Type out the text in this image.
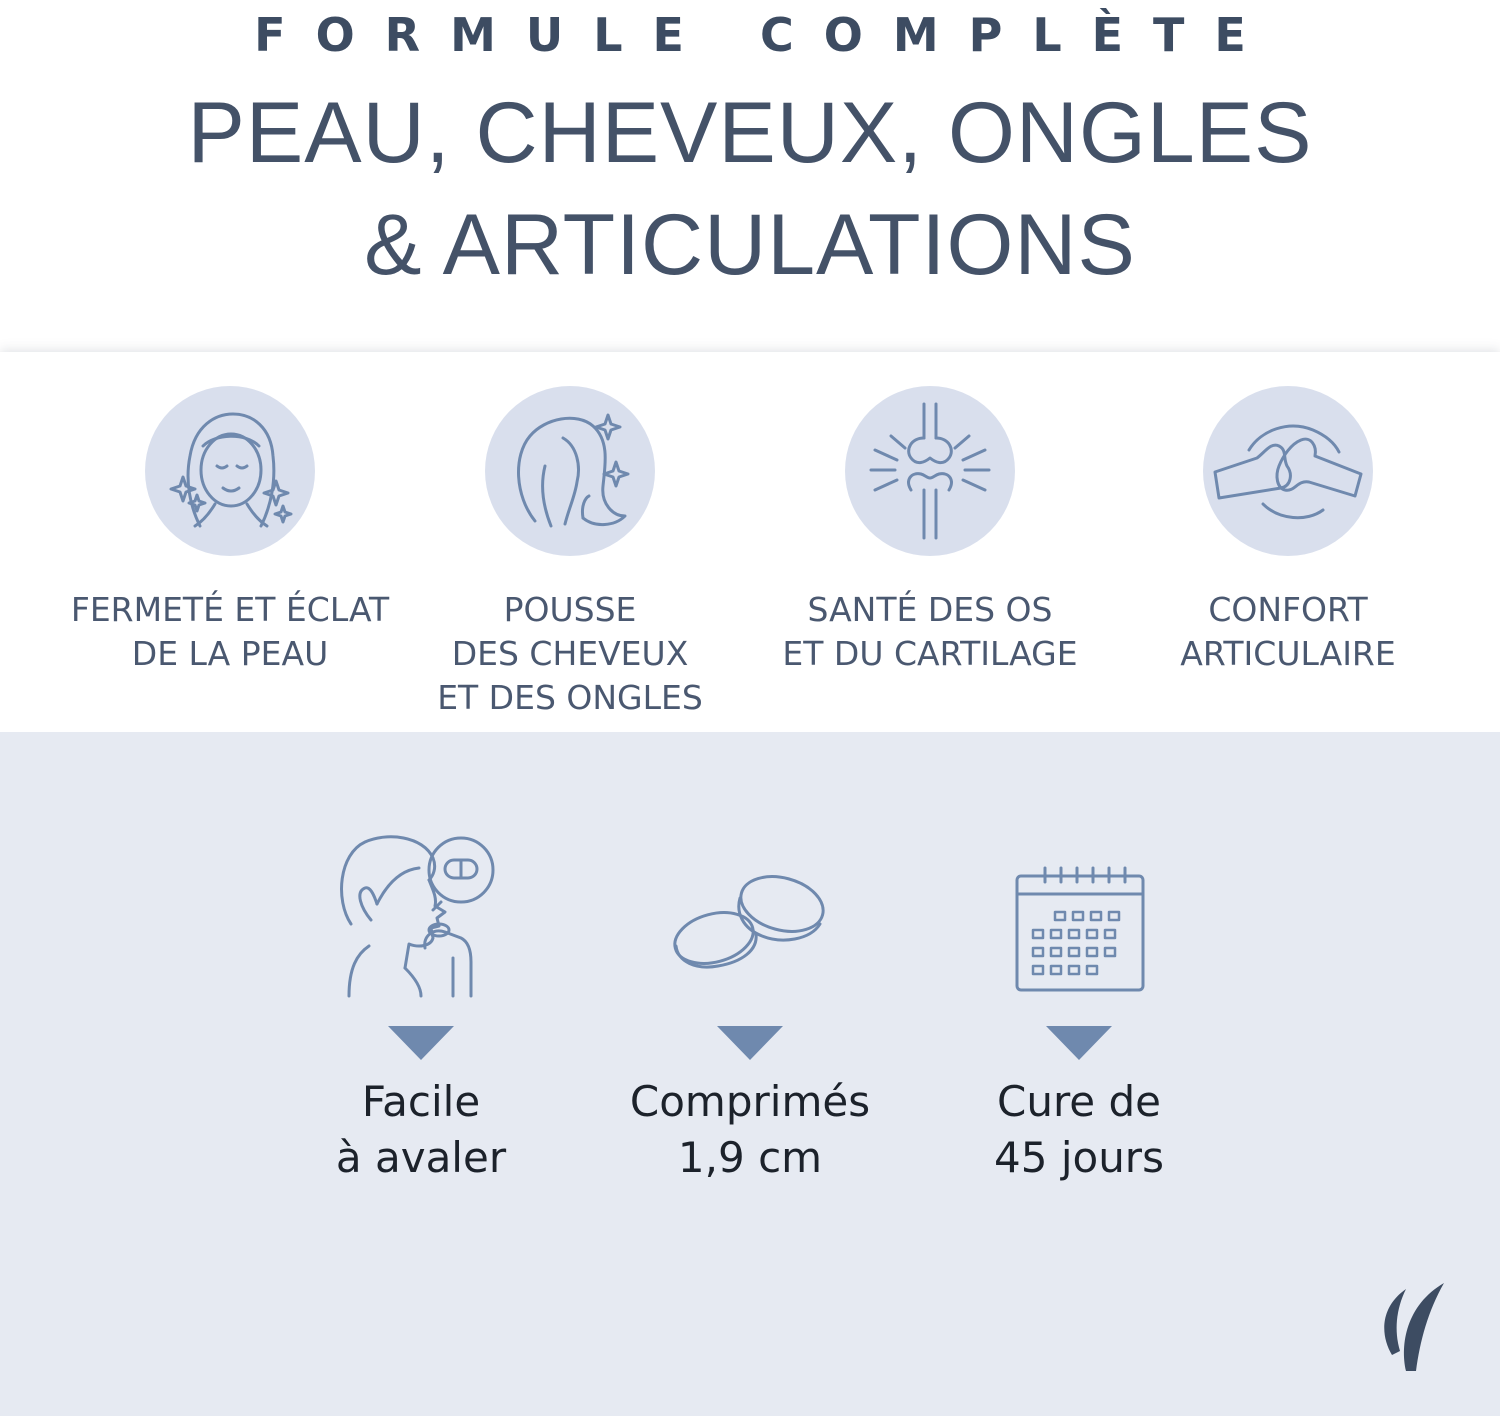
FORMULE COMPLÈTE
PEAU, CHEVEUX, ONGLES
& ARTICULATIONS
FERMETÉ ET ÉCLAT
DE LA PEAU
POUSSE
DES CHEVEUX
ET DES ONGLES
SANTÉ DES OS
ET DU CARTILAGE
CONFORT
ARTICULAIRE
Facile
à avaler
Comprimés
1,9 cm
Cure de
45 jours
